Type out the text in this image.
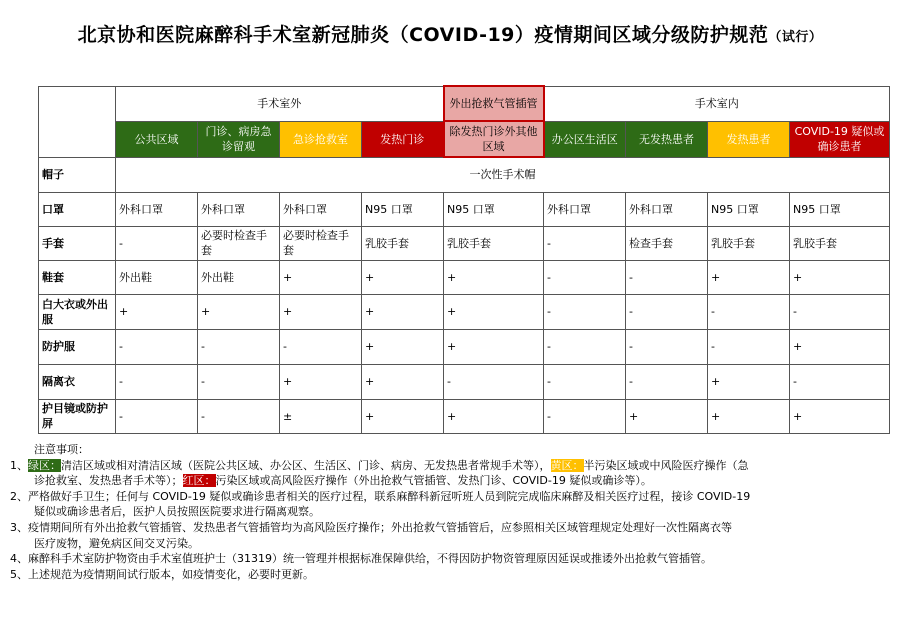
北京协和医院麻醉科手术室新冠肺炎（COVID-19）疫情期间区域分级防护规范（试行）
	手术室外				外出抢救气管插管	手术室内			
	公共区域	门诊、病房急诊留观	急诊抢救室	发热门诊	除发热门诊外其他区域	办公区生活区	无发热患者	发热患者	COVID-19 疑似或确诊患者
帽子	一次性手术帽								
口罩	外科口罩	外科口罩	外科口罩	N95 口罩	N95 口罩	外科口罩	外科口罩	N95 口罩	N95 口罩
手套	-	必要时检查手套	必要时检查手套	乳胶手套	乳胶手套	-	检查手套	乳胶手套	乳胶手套
鞋套	外出鞋	外出鞋	+	+	+	-	-	+	+
白大衣或外出服	+	+	+	+	+	-	-	-	-
防护服	-	-	-	+	+	-	-	-	+
隔离衣	-	-	+	+	-	-	-	+	-
护目镜或防护屏	-	-	±	+	+	-	+	+	+
注意事项：
1、绿区：清洁区域或相对清洁区域（医院公共区域、办公区、生活区、门诊、病房、无发热患者常规手术等），黄区：半污染区域或中风险医疗操作（急
诊抢救室、发热患者手术等）；红区：污染区域或高风险医疗操作（外出抢救气管插管、发热门诊、COVID-19 疑似或确诊等）。
2、严格做好手卫生；任何与 COVID-19 疑似或确诊患者相关的医疗过程，联系麻醉科新冠听班人员到院完成临床麻醉及相关医疗过程，接诊 COVID-19
疑似或确诊患者后，医护人员按照医院要求进行隔离观察。
3、疫情期间所有外出抢救气管插管、发热患者气管插管均为高风险医疗操作；外出抢救气管插管后，应参照相关区域管理规定处理好一次性隔离衣等
医疗废物，避免病区间交叉污染。
4、麻醉科手术室防护物资由手术室值班护士（31319）统一管理并根据标准保障供给，不得因防护物资管理原因延误或推诿外出抢救气管插管。
5、上述规范为疫情期间试行版本，如疫情变化，必要时更新。
